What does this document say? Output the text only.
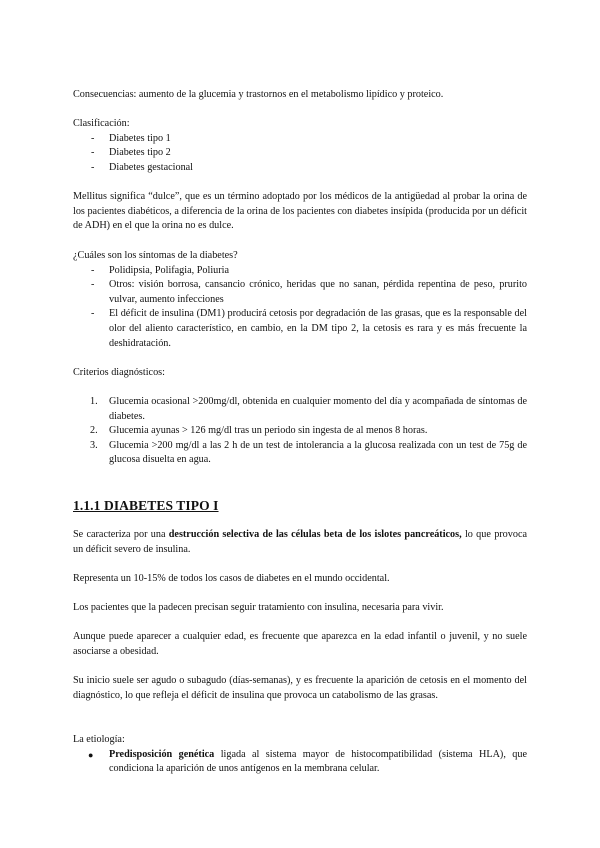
Consecuencias: aumento de la glucemia y trastornos en el metabolismo lipídico y proteico.

Clasificación:

- Diabetes tipo 1
- Diabetes tipo 2
- Diabetes gestacional

Mellitus significa “dulce”, que es un término adoptado por los médicos de la antigüedad al probar la orina de los pacientes diabéticos, a diferencia de la orina de los pacientes con diabetes insípida (producida por un déficit de ADH) en el que la orina no es dulce.

¿Cuáles son los síntomas de la diabetes?

- Polidipsia, Polifagia, Poliuria
- Otros: visión borrosa, cansancio crónico, heridas que no sanan, pérdida repentina de peso, prurito vulvar, aumento infecciones
- El déficit de insulina (DM1) producirá cetosis por degradación de las grasas, que es la responsable del olor del aliento característico, en cambio, en la DM tipo 2, la cetosis es rara y es más frecuente la deshidratación.

Criterios diagnósticos:

1. Glucemia ocasional >200mg/dl, obtenida en cualquier momento del día y acompañada de síntomas de diabetes.
2. Glucemia ayunas > 126 mg/dl tras un periodo sin ingesta de al menos 8 horas.
3. Glucemia >200 mg/dl a las 2 h de un test de intolerancia a la glucosa realizada con un test de 75g de glucosa disuelta en agua.
1.1.1 DIABETES TIPO I

Se caracteriza por una destrucción selectiva de las células beta de los islotes pancreáticos, lo que provoca un déficit severo de insulina.

Representa un 10-15% de todos los casos de diabetes en el mundo occidental.

Los pacientes que la padecen precisan seguir tratamiento con insulina, necesaria para vivir.

Aunque puede aparecer a cualquier edad, es frecuente que aparezca en la edad infantil o juvenil, y no suele asociarse a obesidad.

Su inicio suele ser agudo o subagudo (días-semanas), y es frecuente la aparición de cetosis en el momento del diagnóstico, lo que refleja el déficit de insulina que provoca un catabolismo de las grasas.

La etiología:

● Predisposición genética ligada al sistema mayor de histocompatibilidad (sistema HLA), que condiciona la aparición de unos antígenos en la membrana celular.
